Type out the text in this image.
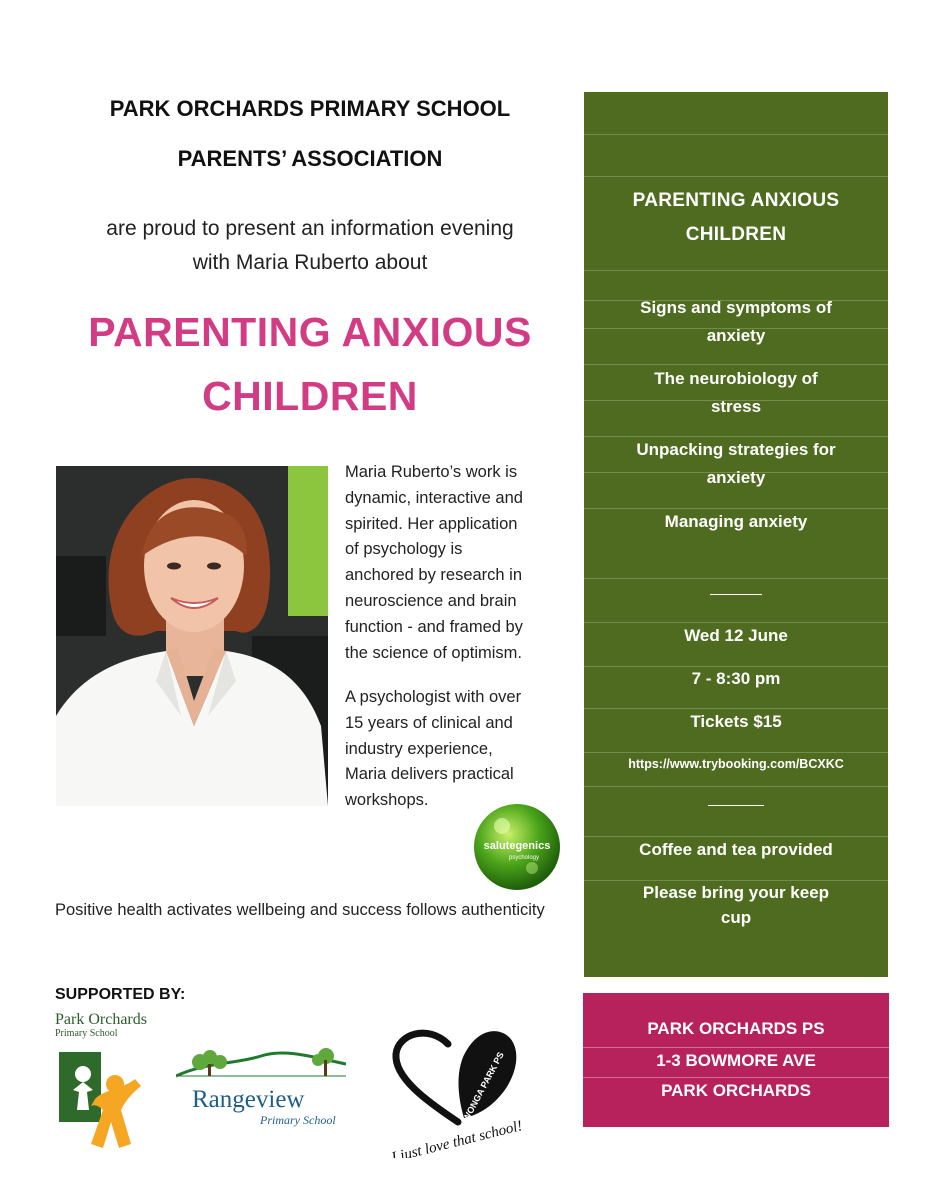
PARK ORCHARDS PRIMARY SCHOOL
PARENTS’ ASSOCIATION
are proud to present an information evening
with Maria Ruberto about
PARENTING ANXIOUS
CHILDREN
Maria Ruberto’s work is
dynamic, interactive and
spirited. Her application
of psychology is
anchored by research in
neuroscience and brain
function - and framed by
the science of optimism.
A psychologist with over
15 years of clinical and
industry experience,
Maria delivers practical
workshops.
salutegenics
psychology
Positive health activates wellbeing and success follows authenticity
SUPPORTED BY:
Park Orchards
Primary School
Rangeview
Primary School	WONGA PARK PS
I just love that school!
PARENTING ANXIOUS
CHILDREN
Signs and symptoms of
anxiety
The neurobiology of
stress
Unpacking strategies for
anxiety
Managing anxiety
Wed 12 June
7 - 8:30 pm
Tickets $15
https://www.trybooking.com/BCXKC
Coffee and tea provided
Please bring your keep
cup
PARK ORCHARDS PS
1-3 BOWMORE AVE
PARK ORCHARDS
